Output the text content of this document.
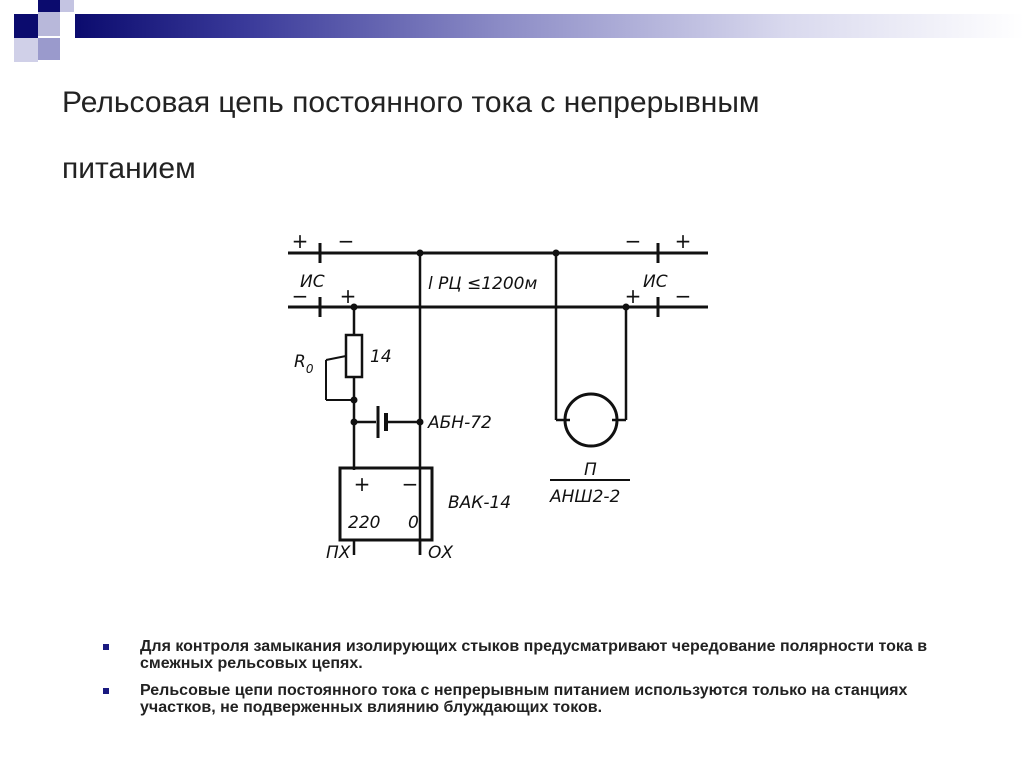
Рельсовая цепь постоянного тока с непрерывным
питанием
+ −
− +
− +
+ −
ИС	ИС
l РЦ ≤1200м
$R_0$
14
АБН-72
ВАК-14
220 0
ПХ	ОХ
П
АНШ2-2
+ −
Для контроля замыкания изолирующих стыков предусматривают чередование полярности тока в смежных рельсовых цепях.
Рельсовые цепи постоянного тока с непрерывным питанием используются только на станциях участков, не подверженных влиянию блуждающих токов.
